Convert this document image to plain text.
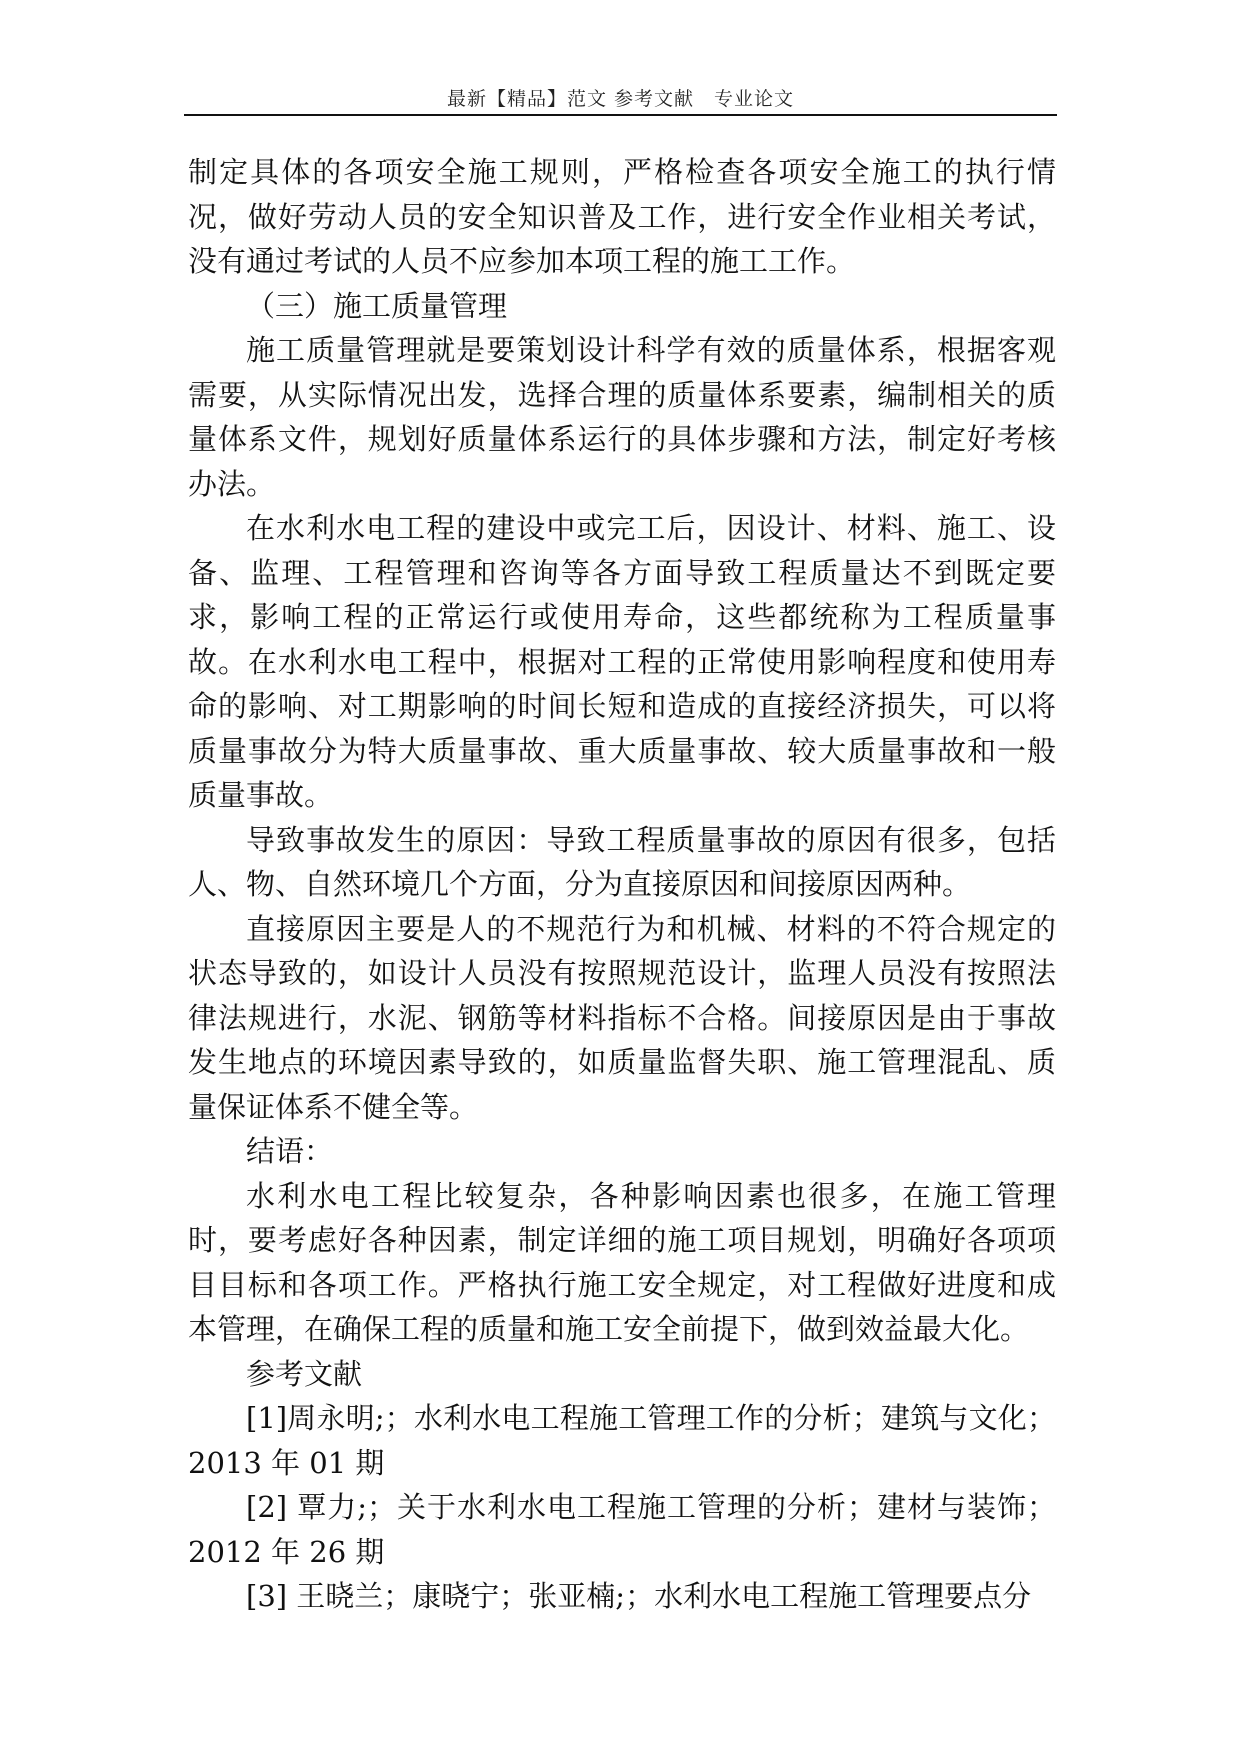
最新【精品】范文 参考文献　专业论文

制定具体的各项安全施工规则，严格检查各项安全施工的执行情况，做好劳动人员的安全知识普及工作，进行安全作业相关考试，没有通过考试的人员不应参加本项工程的施工工作。

（三）施工质量管理

施工质量管理就是要策划设计科学有效的质量体系，根据客观需要，从实际情况出发，选择合理的质量体系要素，编制相关的质量体系文件，规划好质量体系运行的具体步骤和方法，制定好考核办法。

在水利水电工程的建设中或完工后，因设计、材料、施工、设备、监理、工程管理和咨询等各方面导致工程质量达不到既定要求，影响工程的正常运行或使用寿命，这些都统称为工程质量事故。在水利水电工程中，根据对工程的正常使用影响程度和使用寿命的影响、对工期影响的时间长短和造成的直接经济损失，可以将质量事故分为特大质量事故、重大质量事故、较大质量事故和一般质量事故。

导致事故发生的原因：导致工程质量事故的原因有很多，包括人、物、自然环境几个方面，分为直接原因和间接原因两种。

直接原因主要是人的不规范行为和机械、材料的不符合规定的状态导致的，如设计人员没有按照规范设计，监理人员没有按照法律法规进行，水泥、钢筋等材料指标不合格。间接原因是由于事故发生地点的环境因素导致的，如质量监督失职、施工管理混乱、质量保证体系不健全等。

结语：

水利水电工程比较复杂，各种影响因素也很多，在施工管理时，要考虑好各种因素，制定详细的施工项目规划，明确好各项项目目标和各项工作。严格执行施工安全规定，对工程做好进度和成本管理，在确保工程的质量和施工安全前提下，做到效益最大化。

参考文献

[1]周永明;；水利水电工程施工管理工作的分析；建筑与文化；2013 年 01 期

[2] 覃力;；关于水利水电工程施工管理的分析；建材与装饰；2012 年 26 期

[3] 王晓兰；康晓宁；张亚楠;；水利水电工程施工管理要点分
